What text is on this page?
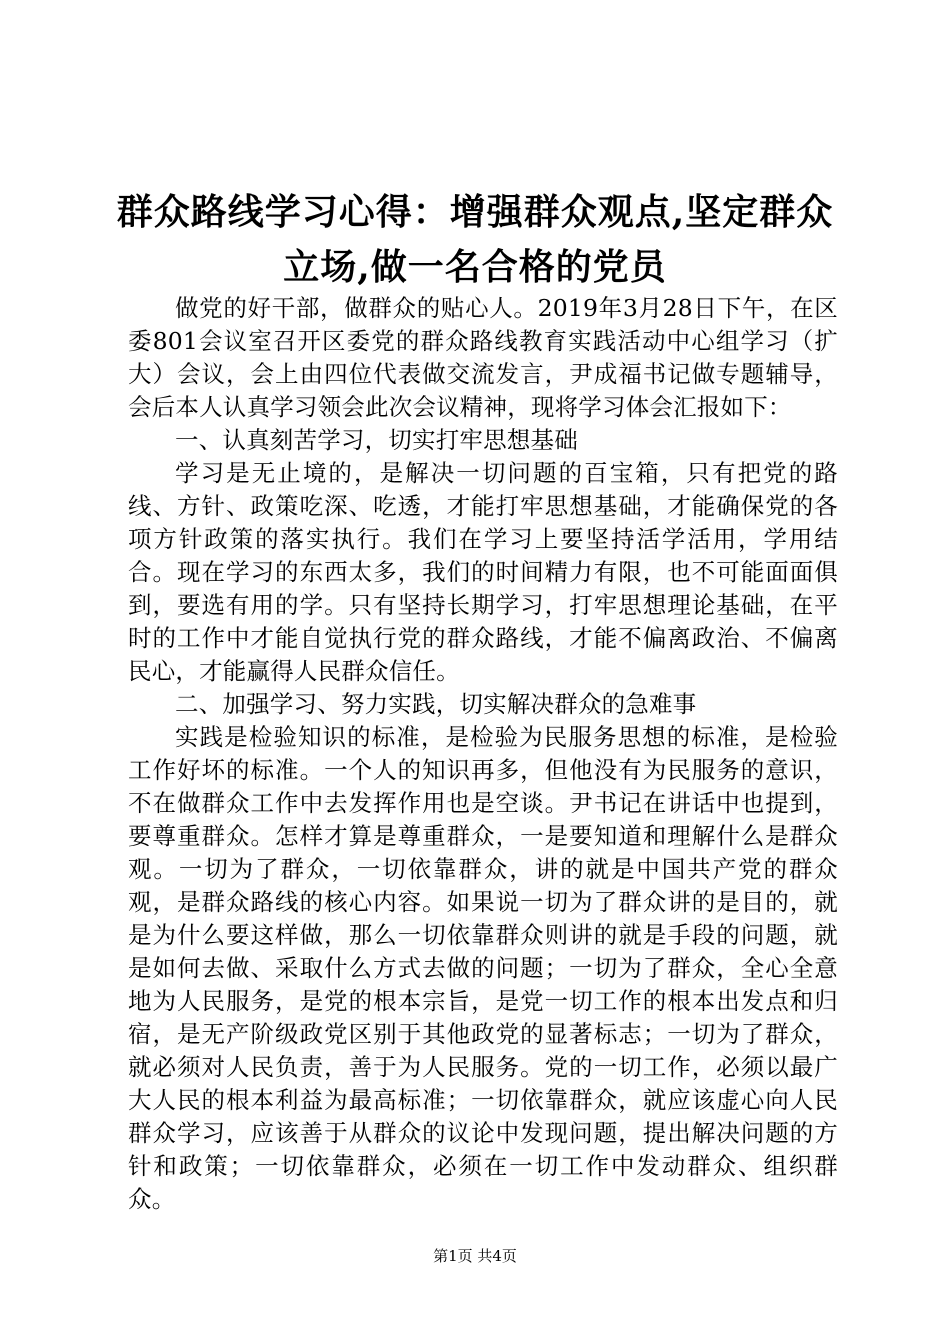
群众路线学习心得：增强群众观点,坚定群众
立场,做一名合格的党员

做党的好干部，做群众的贴心人。2019年3月28日下午，在区委801会议室召开区委党的群众路线教育实践活动中心组学习（扩大）会议，会上由四位代表做交流发言，尹成福书记做专题辅导，会后本人认真学习领会此次会议精神，现将学习体会汇报如下：

一、认真刻苦学习，切实打牢思想基础

学习是无止境的，是解决一切问题的百宝箱，只有把党的路线、方针、政策吃深、吃透，才能打牢思想基础，才能确保党的各项方针政策的落实执行。我们在学习上要坚持活学活用，学用结合。现在学习的东西太多，我们的时间精力有限，也不可能面面俱到，要选有用的学。只有坚持长期学习，打牢思想理论基础，在平时的工作中才能自觉执行党的群众路线，才能不偏离政治、不偏离民心，才能赢得人民群众信任。

二、加强学习、努力实践，切实解决群众的急难事

实践是检验知识的标准，是检验为民服务思想的标准，是检验工作好坏的标准。一个人的知识再多，但他没有为民服务的意识，不在做群众工作中去发挥作用也是空谈。尹书记在讲话中也提到，要尊重群众。怎样才算是尊重群众，一是要知道和理解什么是群众观。一切为了群众，一切依靠群众，讲的就是中国共产党的群众观，是群众路线的核心内容。如果说一切为了群众讲的是目的，就是为什么要这样做，那么一切依靠群众则讲的就是手段的问题，就是如何去做、采取什么方式去做的问题；一切为了群众，全心全意地为人民服务，是党的根本宗旨，是党一切工作的根本出发点和归宿，是无产阶级政党区别于其他政党的显著标志；一切为了群众，就必须对人民负责，善于为人民服务。党的一切工作，必须以最广大人民的根本利益为最高标准；一切依靠群众，就应该虚心向人民群众学习，应该善于从群众的议论中发现问题，提出解决问题的方针和政策；一切依靠群众，必须在一切工作中发动群众、组织群众。

第1页 共4页
